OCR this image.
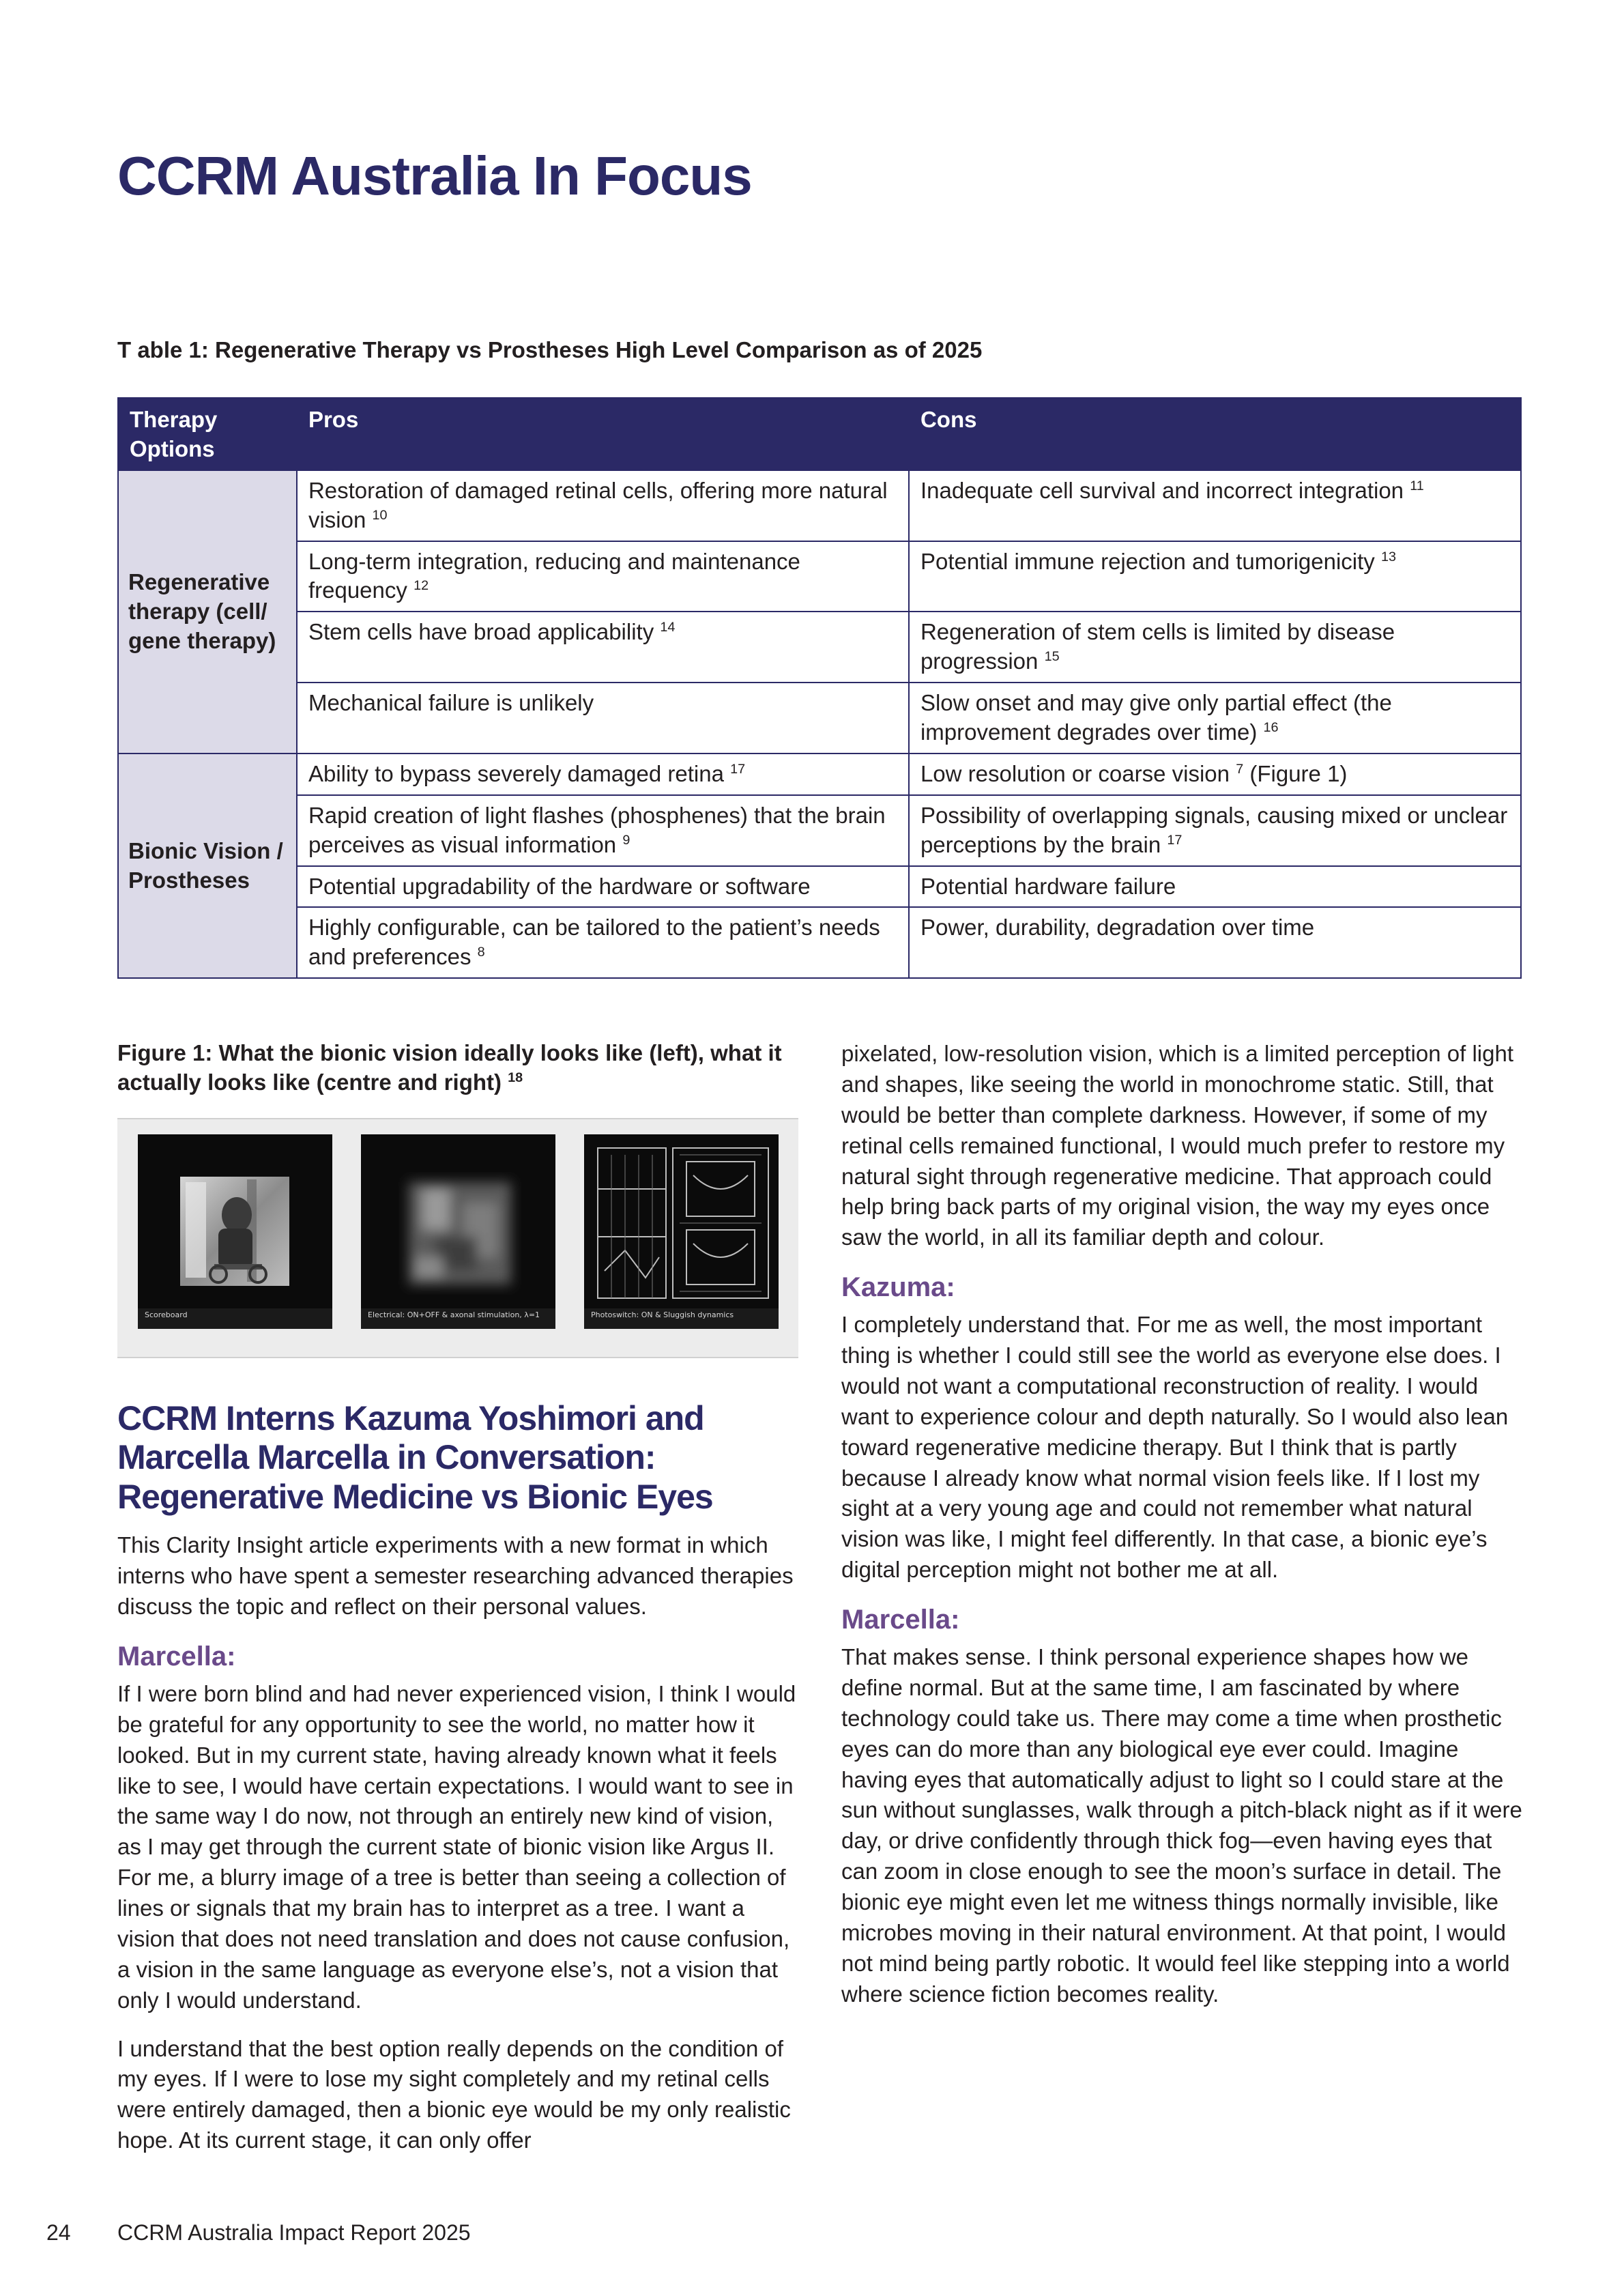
CCRM Australia In Focus

T able 1: Regenerative Therapy vs Prostheses High Level Comparison as of 2025

Therapy Options	Pros	Cons
Regenerative therapy (cell/ gene therapy)	Restoration of damaged retinal cells, offering more natural vision $^{10}$	Inadequate cell survival and incorrect integration $^{11}$
	Long-term integration, reducing and maintenance frequency $^{12}$	Potential immune rejection and tumorigenicity $^{13}$
	Stem cells have broad applicability $^{14}$	Regeneration of stem cells is limited by disease progression $^{15}$
	Mechanical failure is unlikely	Slow onset and may give only partial effect (the improvement degrades over time) $^{16}$
Bionic Vision / Prostheses	Ability to bypass severely damaged retina $^{17}$	Low resolution or coarse vision $^7$ (Figure 1)
	Rapid creation of light flashes (phosphenes) that the brain perceives as visual information $^9$	Possibility of overlapping signals, causing mixed or unclear perceptions by the brain $^{17}$
	Potential upgradability of the hardware or software	Potential hardware failure
	Highly configurable, can be tailored to the patient’s needs and preferences $^8$	Power, durability, degradation over time

Figure 1: What the bionic vision ideally looks like (left), what it actually looks like (centre and right) $^{18}$

Scoreboard	Electrical: ON+OFF & axonal stimulation, λ=1	Photoswitch: ON & Sluggish dynamics
CCRM Interns Kazuma Yoshimori and Marcella Marcella in Conversation: Regenerative Medicine vs Bionic Eyes

This Clarity Insight article experiments with a new format in which interns who have spent a semester researching advanced therapies discuss the topic and reflect on their personal values.

Marcella:

If I were born blind and had never experienced vision, I think I would be grateful for any opportunity to see the world, no matter how it looked. But in my current state, having already known what it feels like to see, I would have certain expectations. I would want to see in the same way I do now, not through an entirely new kind of vision, as I may get through the current state of bionic vision like Argus II. For me, a blurry image of a tree is better than seeing a collection of lines or signals that my brain has to interpret as a tree. I want a vision that does not need translation and does not cause confusion, a vision in the same language as everyone else’s, not a vision that only I would understand.

I understand that the best option really depends on the condition of my eyes. If I were to lose my sight completely and my retinal cells were entirely damaged, then a bionic eye would be my only realistic hope. At its current stage, it can only offer

pixelated, low-resolution vision, which is a limited perception of light and shapes, like seeing the world in monochrome static. Still, that would be better than complete darkness. However, if some of my retinal cells remained functional, I would much prefer to restore my natural sight through regenerative medicine. That approach could help bring back parts of my original vision, the way my eyes once saw the world, in all its familiar depth and colour.

Kazuma:

I completely understand that. For me as well, the most important thing is whether I could still see the world as everyone else does. I would not want a computational reconstruction of reality. I would want to experience colour and depth naturally. So I would also lean toward regenerative medicine therapy. But I think that is partly because I already know what normal vision feels like. If I lost my sight at a very young age and could not remember what natural vision was like, I might feel differently. In that case, a bionic eye’s digital perception might not bother me at all.

Marcella:

That makes sense. I think personal experience shapes how we define normal. But at the same time, I am fascinated by where technology could take us. There may come a time when prosthetic eyes can do more than any biological eye ever could. Imagine having eyes that automatically adjust to light so I could stare at the sun without sunglasses, walk through a pitch-black night as if it were day, or drive confidently through thick fog—even having eyes that can zoom in close enough to see the moon’s surface in detail. The bionic eye might even let me witness things normally invisible, like microbes moving in their natural environment. At that point, I would not mind being partly robotic. It would feel like stepping into a world where science fiction becomes reality.

24 CCRM Australia Impact Report 2025
